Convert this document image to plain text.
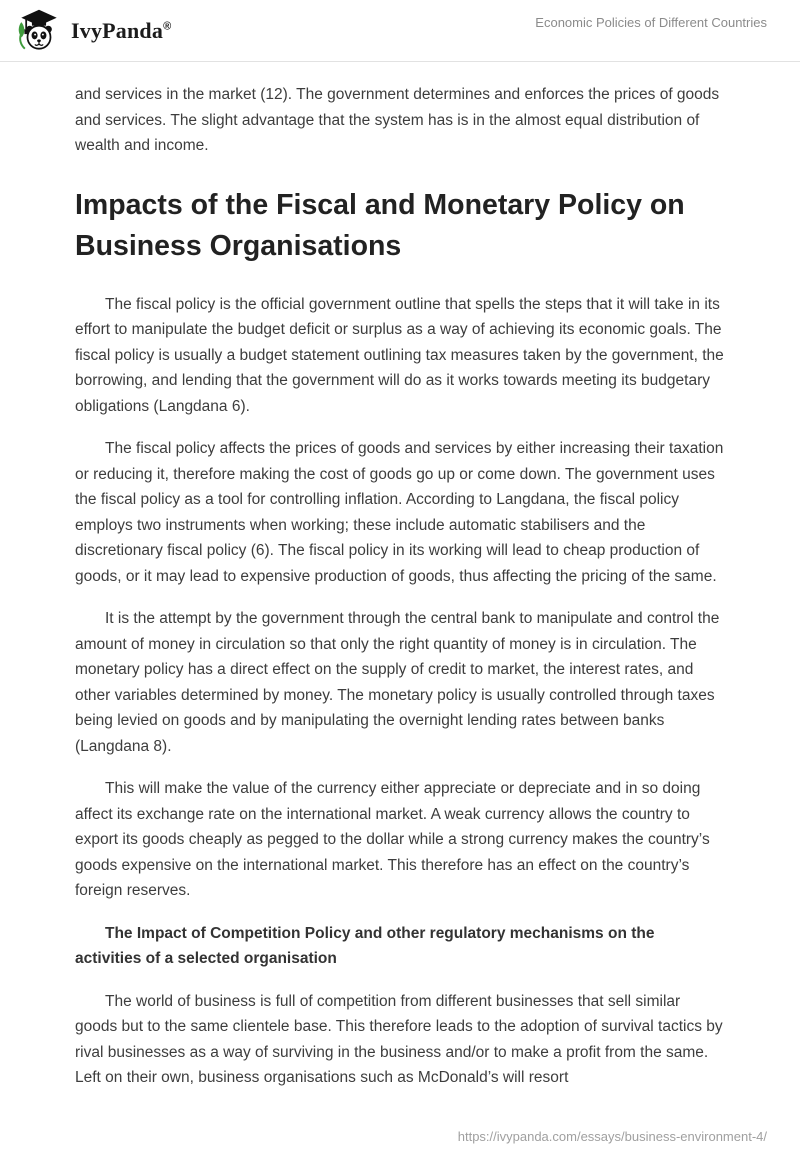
IvyPanda®	Economic Policies of Different Countries

and services in the market (12). The government determines and enforces the prices of goods and services. The slight advantage that the system has is in the almost equal distribution of wealth and income.

Impacts of the Fiscal and Monetary Policy on Business Organisations

The fiscal policy is the official government outline that spells the steps that it will take in its effort to manipulate the budget deficit or surplus as a way of achieving its economic goals. The fiscal policy is usually a budget statement outlining tax measures taken by the government, the borrowing, and lending that the government will do as it works towards meeting its budgetary obligations (Langdana 6).

The fiscal policy affects the prices of goods and services by either increasing their taxation or reducing it, therefore making the cost of goods go up or come down. The government uses the fiscal policy as a tool for controlling inflation. According to Langdana, the fiscal policy employs two instruments when working; these include automatic stabilisers and the discretionary fiscal policy (6). The fiscal policy in its working will lead to cheap production of goods, or it may lead to expensive production of goods, thus affecting the pricing of the same.

It is the attempt by the government through the central bank to manipulate and control the amount of money in circulation so that only the right quantity of money is in circulation. The monetary policy has a direct effect on the supply of credit to market, the interest rates, and other variables determined by money. The monetary policy is usually controlled through taxes being levied on goods and by manipulating the overnight lending rates between banks (Langdana 8).

This will make the value of the currency either appreciate or depreciate and in so doing affect its exchange rate on the international market. A weak currency allows the country to export its goods cheaply as pegged to the dollar while a strong currency makes the country’s goods expensive on the international market. This therefore has an effect on the country’s foreign reserves.

The Impact of Competition Policy and other regulatory mechanisms on the activities of a selected organisation

The world of business is full of competition from different businesses that sell similar goods but to the same clientele base. This therefore leads to the adoption of survival tactics by rival businesses as a way of surviving in the business and/or to make a profit from the same. Left on their own, business organisations such as McDonald’s will resort

https://ivypanda.com/essays/business-environment-4/
